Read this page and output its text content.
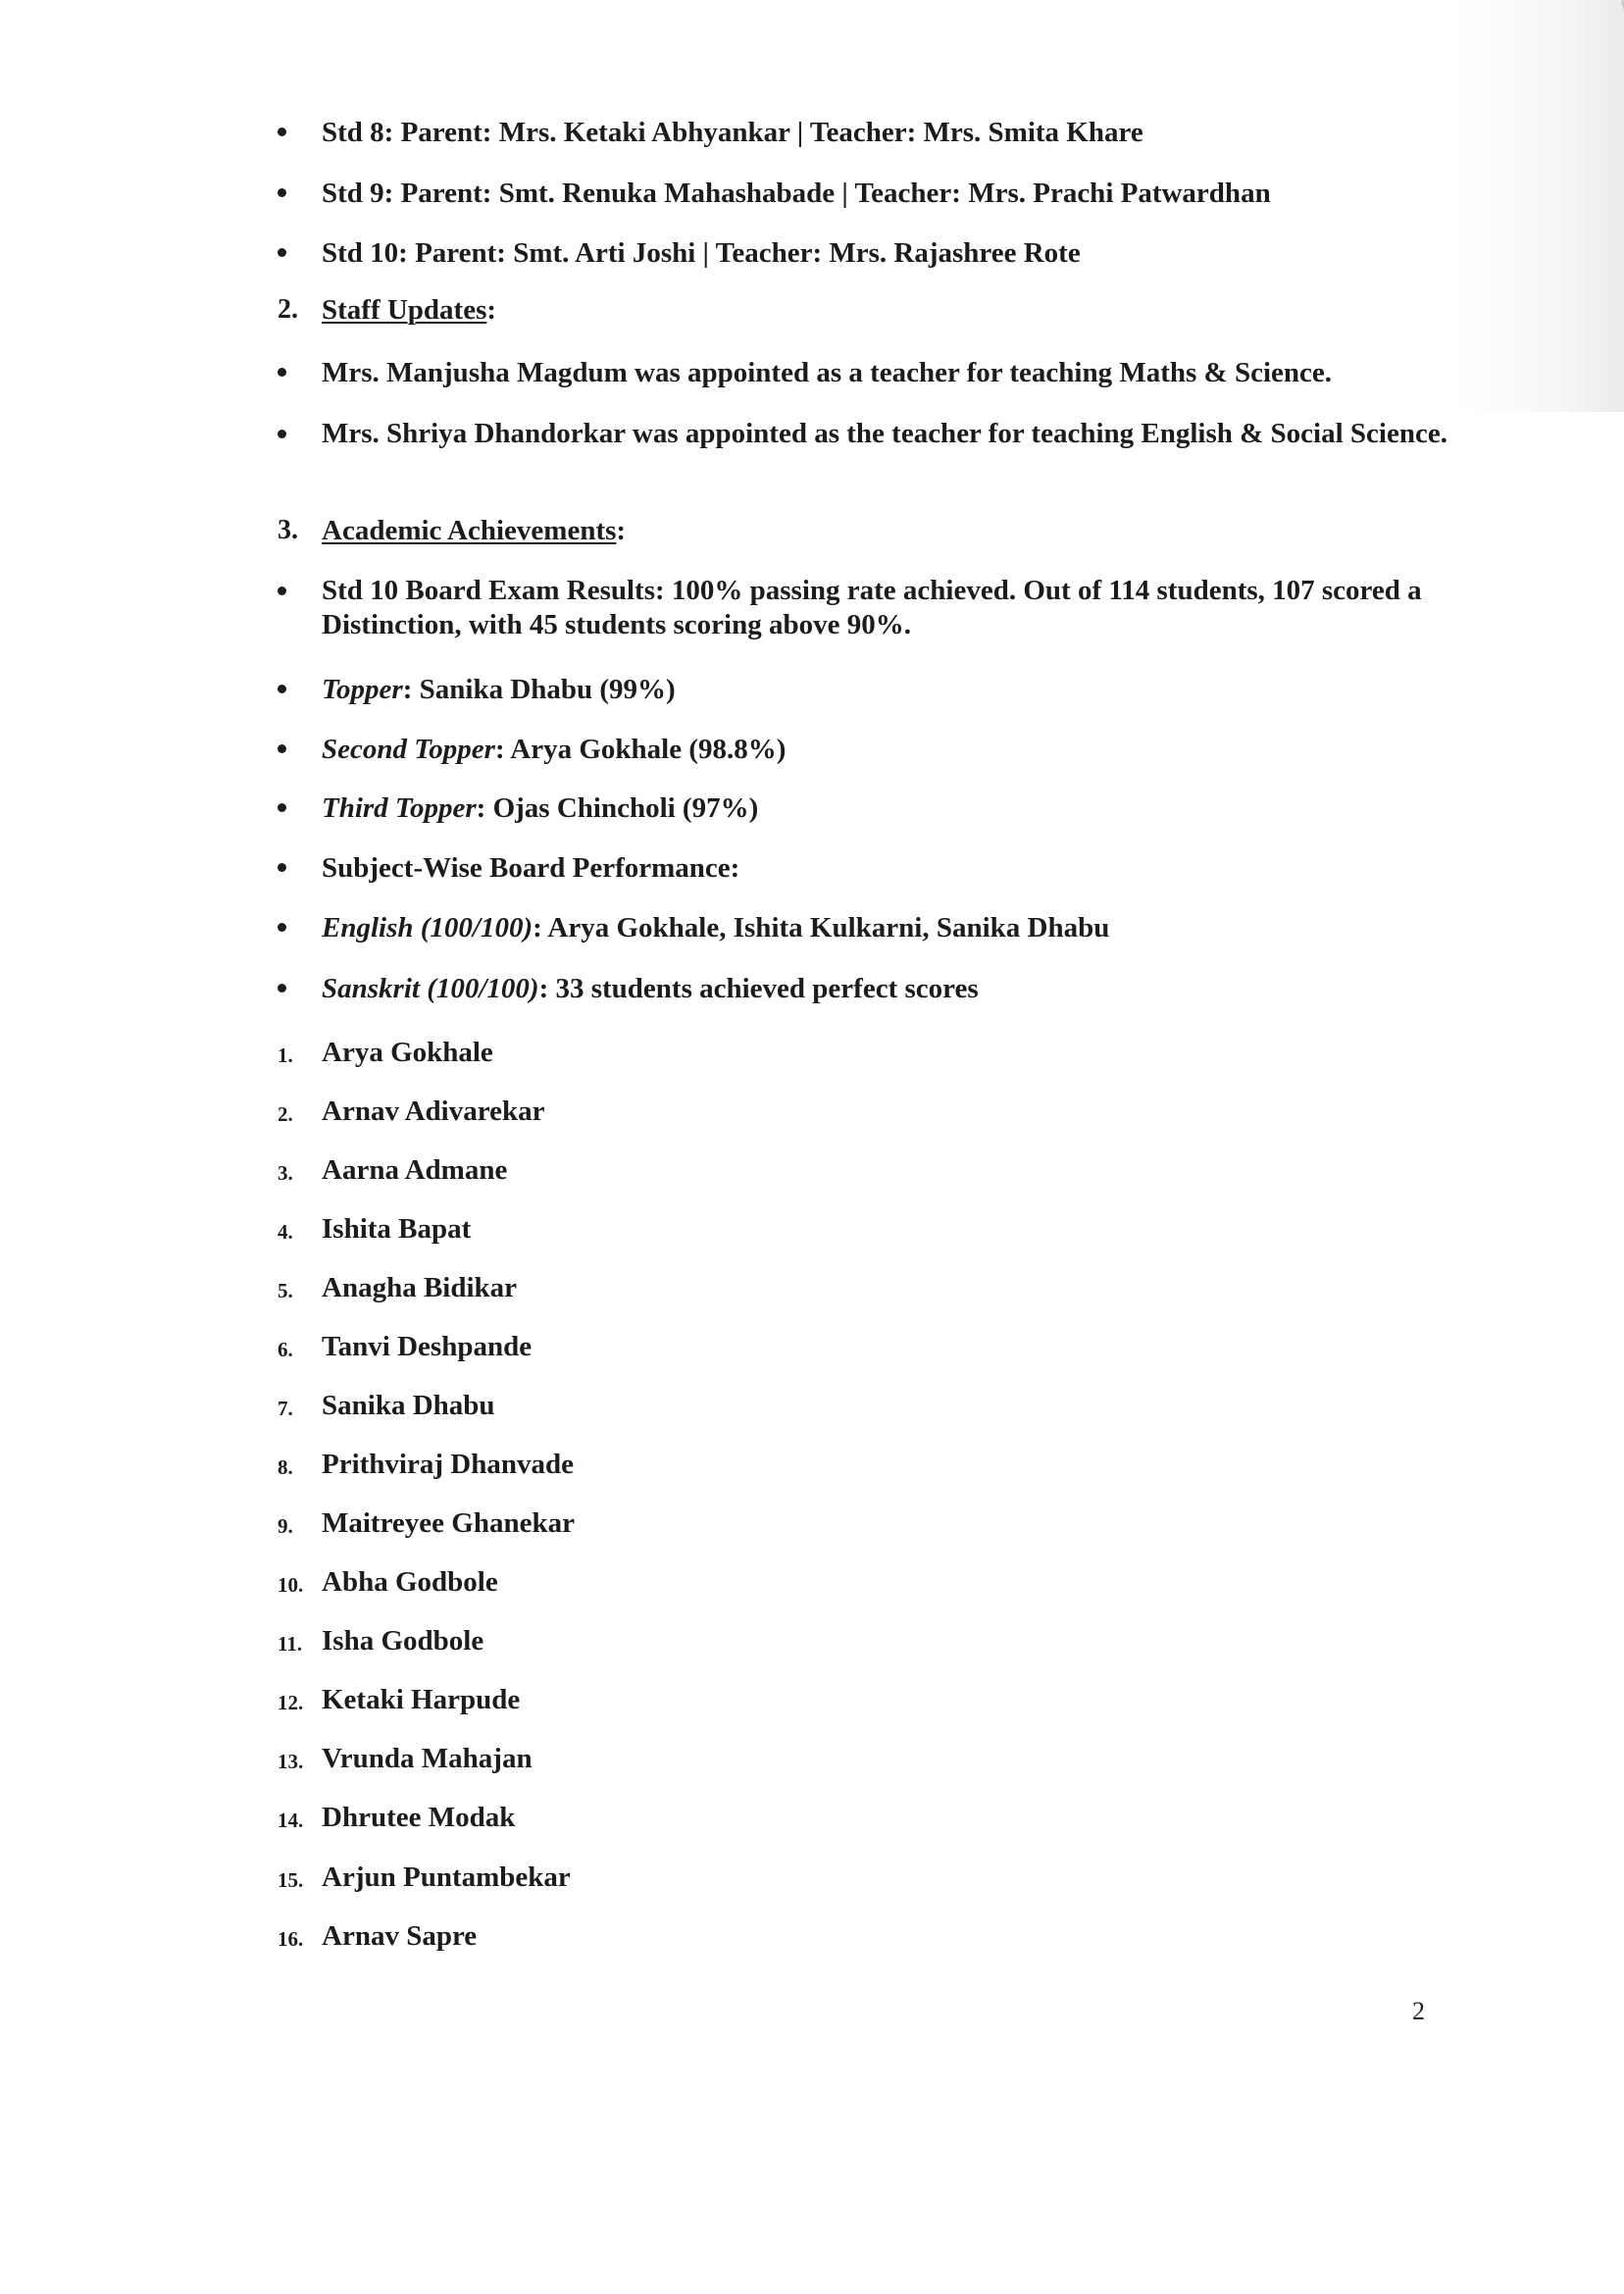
Std 8: Parent: Mrs. Ketaki Abhyankar | Teacher: Mrs. Smita Khare
Std 9: Parent: Smt. Renuka Mahashabade | Teacher: Mrs. Prachi Patwardhan
Std 10: Parent: Smt. Arti Joshi | Teacher: Mrs. Rajashree Rote
2. Staff Updates:
Mrs. Manjusha Magdum was appointed as a teacher for teaching Maths & Science.
Mrs. Shriya Dhandorkar was appointed as the teacher for teaching English & Social Science.
3. Academic Achievements:
Std 10 Board Exam Results: 100% passing rate achieved. Out of 114 students, 107 scored a Distinction, with 45 students scoring above 90%.
Topper: Sanika Dhabu (99%)
Second Topper: Arya Gokhale (98.8%)
Third Topper: Ojas Chincholi (97%)
Subject-Wise Board Performance:
English (100/100): Arya Gokhale, Ishita Kulkarni, Sanika Dhabu
Sanskrit (100/100): 33 students achieved perfect scores
1.	Arya Gokhale
2.	Arnav Adivarekar
3.	Aarna Admane
4.	Ishita Bapat
5.	Anagha Bidikar
6.	Tanvi Deshpande
7.	Sanika Dhabu
8.	Prithviraj Dhanvade
9.	Maitreyee Ghanekar
10. Abha Godbole
11. Isha Godbole
12. Ketaki Harpude
13. Vrunda Mahajan
14. Dhrutee Modak
15. Arjun Puntambekar
16. Arnav Sapre
2
